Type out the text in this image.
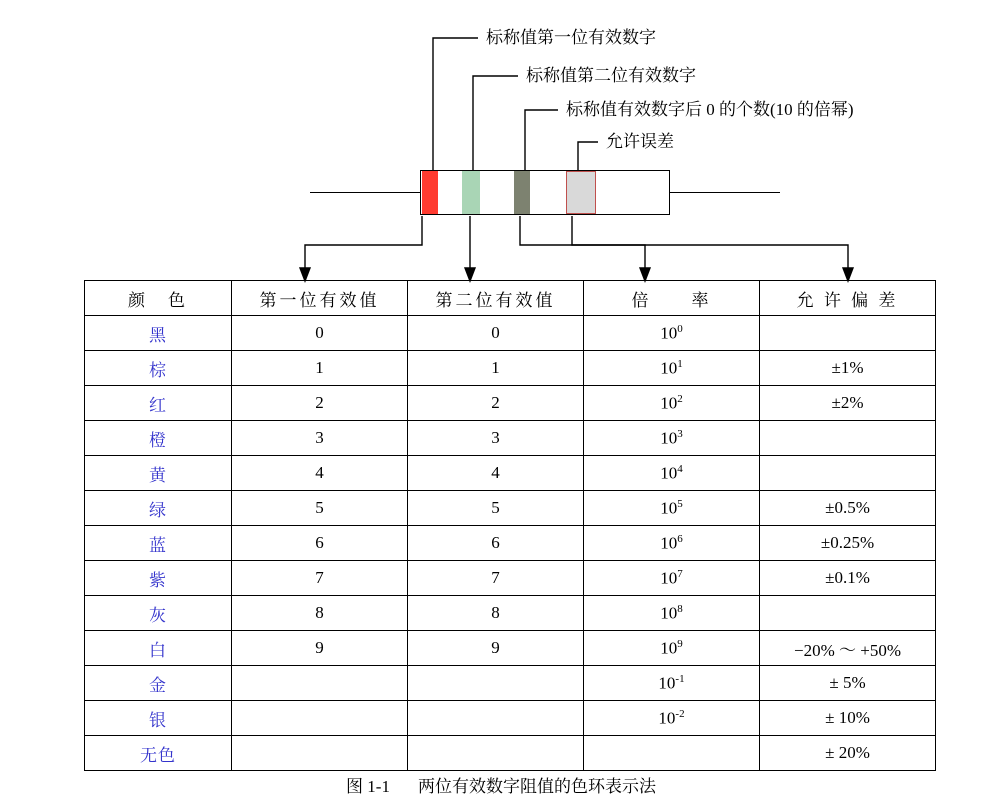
标称值第一位有效数字
标称值第二位有效数字
标称值有效数字后 0 的个数(10 的倍幂)
允许误差
颜　色	第一位有效值	第二位有效值	倍　　率	允 许 偏 差
黑	0	0	$10^0$	
棕	1	1	$10^1$	±1%
红	2	2	$10^2$	±2%
橙	3	3	$10^3$	
黄	4	4	$10^4$	
绿	5	5	$10^5$	±0.5%
蓝	6	6	$10^6$	±0.25%
紫	7	7	$10^7$	±0.1%
灰	8	8	$10^8$	
白	9	9	$10^9$	−20% ～ +50%
金			$10^{-1}$	± 5%
银			$10^{-2}$	± 10%
无色				± 20%
图 1-1 两位有效数字阻值的色环表示法
